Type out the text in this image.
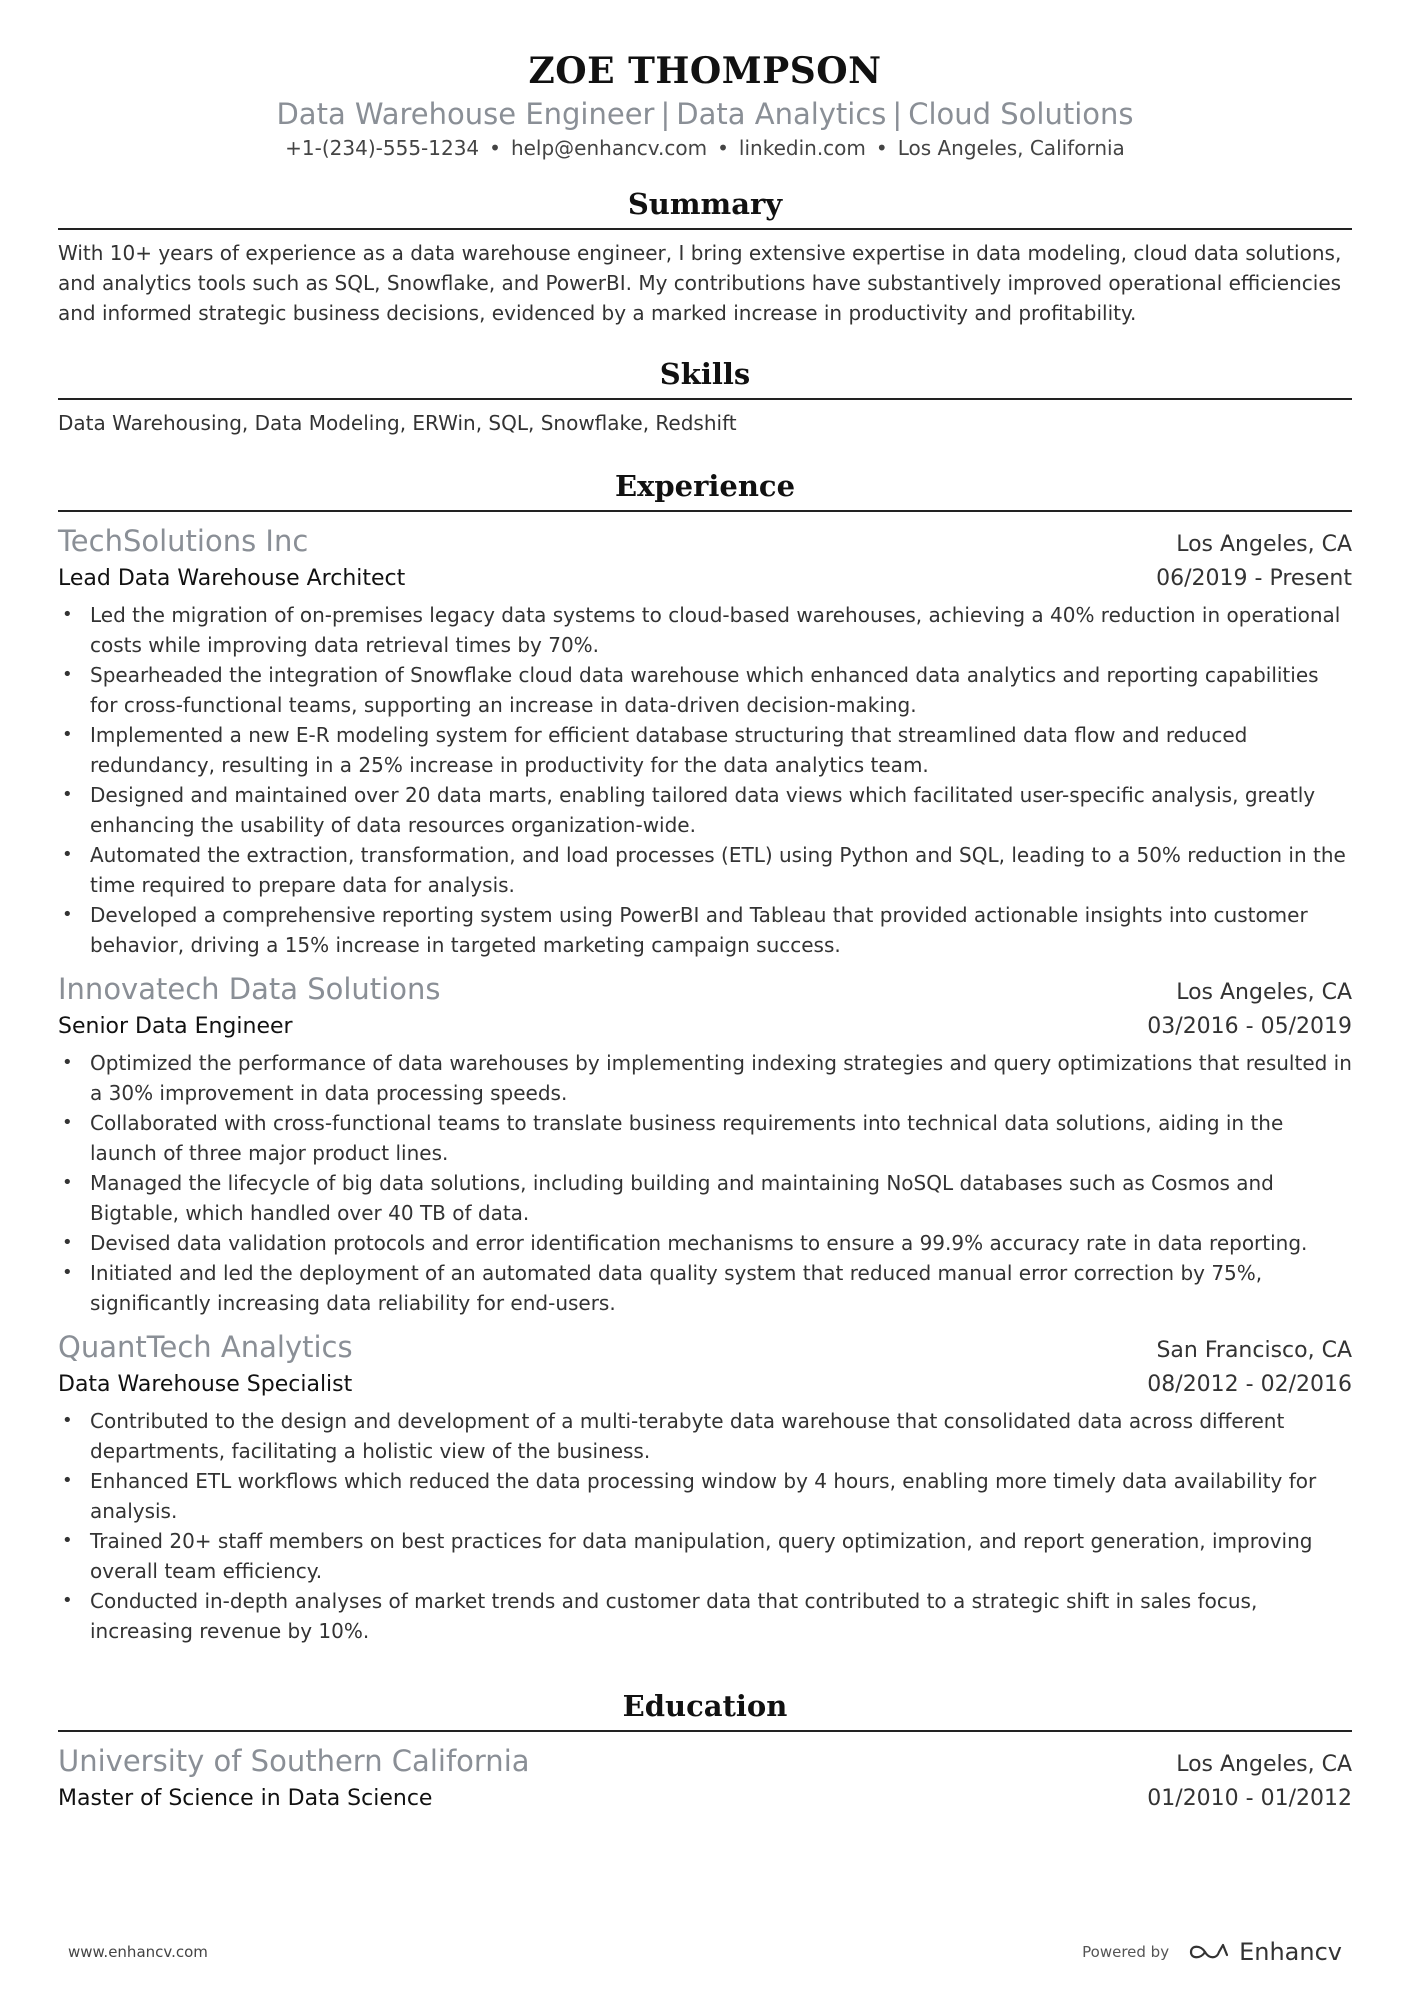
ZOE THOMPSON
Data Warehouse Engineer | Data Analytics | Cloud Solutions
+1-(234)-555-1234 • help@enhancv.com • linkedin.com • Los Angeles, California
Summary
With 10+ years of experience as a data warehouse engineer, I bring extensive expertise in data modeling, cloud data solutions, and analytics tools such as SQL, Snowflake, and PowerBI. My contributions have substantively improved operational efficiencies and informed strategic business decisions, evidenced by a marked increase in productivity and profitability.
Skills
Data Warehousing, Data Modeling, ERWin, SQL, Snowflake, Redshift
Experience
TechSolutions Inc	Los Angeles, CA
Lead Data Warehouse Architect	06/2019 - Present
• Led the migration of on-premises legacy data systems to cloud-based warehouses, achieving a 40% reduction in operational costs while improving data retrieval times by 70%.
• Spearheaded the integration of Snowflake cloud data warehouse which enhanced data analytics and reporting capabilities for cross-functional teams, supporting an increase in data-driven decision-making.
• Implemented a new E-R modeling system for efficient database structuring that streamlined data flow and reduced redundancy, resulting in a 25% increase in productivity for the data analytics team.
• Designed and maintained over 20 data marts, enabling tailored data views which facilitated user-specific analysis, greatly enhancing the usability of data resources organization-wide.
• Automated the extraction, transformation, and load processes (ETL) using Python and SQL, leading to a 50% reduction in the time required to prepare data for analysis.
• Developed a comprehensive reporting system using PowerBI and Tableau that provided actionable insights into customer behavior, driving a 15% increase in targeted marketing campaign success.
Innovatech Data Solutions	Los Angeles, CA
Senior Data Engineer	03/2016 - 05/2019
• Optimized the performance of data warehouses by implementing indexing strategies and query optimizations that resulted in a 30% improvement in data processing speeds.
• Collaborated with cross-functional teams to translate business requirements into technical data solutions, aiding in the launch of three major product lines.
• Managed the lifecycle of big data solutions, including building and maintaining NoSQL databases such as Cosmos and Bigtable, which handled over 40 TB of data.
• Devised data validation protocols and error identification mechanisms to ensure a 99.9% accuracy rate in data reporting.
• Initiated and led the deployment of an automated data quality system that reduced manual error correction by 75%, significantly increasing data reliability for end-users.
QuantTech Analytics	San Francisco, CA
Data Warehouse Specialist	08/2012 - 02/2016
• Contributed to the design and development of a multi-terabyte data warehouse that consolidated data across different departments, facilitating a holistic view of the business.
• Enhanced ETL workflows which reduced the data processing window by 4 hours, enabling more timely data availability for analysis.
• Trained 20+ staff members on best practices for data manipulation, query optimization, and report generation, improving overall team efficiency.
• Conducted in-depth analyses of market trends and customer data that contributed to a strategic shift in sales focus, increasing revenue by 10%.
Education
University of Southern California	Los Angeles, CA
Master of Science in Data Science	01/2010 - 01/2012
www.enhancv.com	Powered by	Enhancv
